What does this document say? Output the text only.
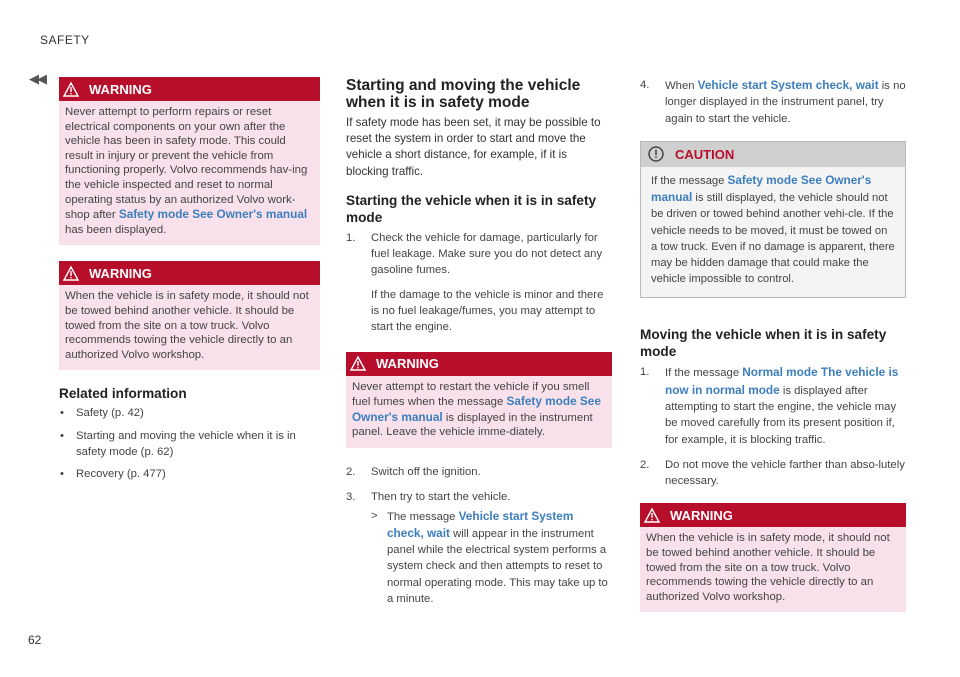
SAFETY
◀◀
WARNING
Never attempt to perform repairs or reset electrical components on your own after the vehicle has been in safety mode. This could result in injury or prevent the vehicle from functioning properly. Volvo recommends hav-ing the vehicle inspected and reset to normal operating status by an authorized Volvo work-shop after Safety mode See Owner's manual has been displayed.
WARNING
When the vehicle is in safety mode, it should not be towed behind another vehicle. It should be towed from the site on a tow truck. Volvo recommends towing the vehicle directly to an authorized Volvo workshop.
Related information
•	Safety (p. 42)
•	Starting and moving the vehicle when it is in safety mode (p. 62)
•	Recovery (p. 477)
Starting and moving the vehicle when it is in safety mode

If safety mode has been set, it may be possible to reset the system in order to start and move the vehicle a short distance, for example, if it is blocking traffic.

Starting the vehicle when it is in safety mode
1.	Check the vehicle for damage, particularly for fuel leakage. Make sure you do not detect any gasoline fumes.

If the damage to the vehicle is minor and there is no fuel leakage/fumes, you may attempt to start the engine.

WARNING
Never attempt to restart the vehicle if you smell fuel fumes when the message Safety mode See Owner's manual is displayed in the instrument panel. Leave the vehicle imme-diately.
2.	Switch off the ignition.
3.	Then try to start the vehicle.
> The message Vehicle start System check, wait will appear in the instrument panel while the electrical system performs a system check and then attempts to reset to normal operating mode. This may take up to a minute.
4.	When Vehicle start System check, wait is no longer displayed in the instrument panel, try again to start the vehicle.
CAUTION
If the message Safety mode See Owner's manual is still displayed, the vehicle should not be driven or towed behind another vehi-cle. If the vehicle needs to be moved, it must be towed on a tow truck. Even if no damage is apparent, there may be hidden damage that could make the vehicle impossible to control.
Moving the vehicle when it is in safety mode
1.	If the message Normal mode The vehicle is now in normal mode is displayed after attempting to start the engine, the vehicle may be moved carefully from its present position if, for example, it is blocking traffic.
2.	Do not move the vehicle farther than abso-lutely necessary.
WARNING
When the vehicle is in safety mode, it should not be towed behind another vehicle. It should be towed from the site on a tow truck. Volvo recommends towing the vehicle directly to an authorized Volvo workshop.
62
